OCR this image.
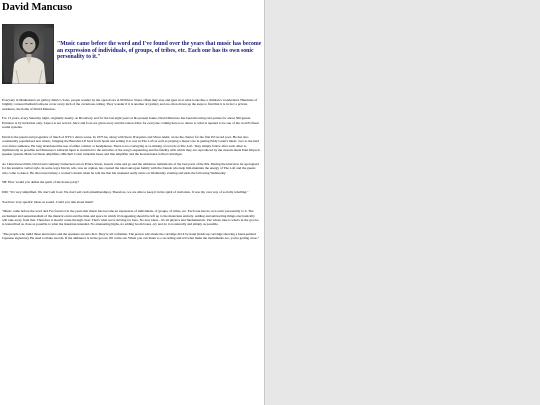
David Mancuso

"Music came before the word and I've found over the years that music has become an expression of individuals, of groups, of tribes, etc. Each one has its own sonic personality to it."

Everyday in Manhattan's art gallery district, Soho, people wander by the open doors at 99 Prince Street. Often they stop and gaze in at what looks like a children's wonderland. Hundreds of brightly coloured helium balloons cover every inch of the cavernous ceiling. They wonder if it is another art gallery and are often drawn up the steps to find that it is in fact a private residence, the home of David Mancuso.

For 13 years, every Saturday night, originally nearby on Broadway and for the last eight years at his present home, David Mancuso has been throwing rent parties for about 500 guests. Entrance is by invitation only. Liquor is not served. Juice and food are given away and the raison d'être for everyone coming here is to dance to what is reputed to be one of the world's finest sound systems.

David is the parent and progenitor of much of NYC's dance scene. In 1975 he, along with Steve D'Aquisto and Vince Aletti, wrote the charter for the first DJ record pool. He has also consistently popularised new music, bringing the Barrabas LP back from Spain and selling it at cost in The Loft as well as playing a major role in getting Eddy Grant's music over to the hard core dance audience. He long abandoned the use of either a mixer or headphones. There is no overlaying or re-mixing of records at The Loft. They simply follow after each other as rhythmically as possible and Mancuso's editorial input is restricted to the narrative of the song's sequencing and the fidelity with which they are reproduced by the custom-made Paul Klipsch speaker system, Mark Levinson amplifiers, Mitchell Cotter turntable bases and line amplifier and the Koestu hand-crafted cartridges.

As I interviewed him, David and company barbecued out on Prince Street. Guests come and go and the ambience reminds me of the best parts of the 60s. During the interview he apologised for his tentative verbal style. In some ways David, who was an orphan, has created the ideal surrogate family with the friends who help him maintain the energy of The Loft and the guests who come to dance. He discovered many a worker's dream when he told me that his weekend really starts on Wednesday evening and ends the following Wednesday.

SH: How would you define the spirit of the house party?

DM: "It's very simplified. We don't sell food. We don't sell cards (memberships). Therefore, we are able to keep it in the spirit of invitation. It was my own way of socially rebelling."

You have very specific ideas on sound. Could you talk about them?

"Music came before the word and I've found over the years that music has become an expression of individuals, of groups, of tribes, etc. Each one has its own sonic personality to it. The excitement and sensationalism of the musical event and the time and space in which it's happening should be left up to the musicians entirely. Adding and subtracting things electronically will take away from that. Therefore it doesn't come through clear. That's what we're striving for here. No new ideas - it's all physics and fundamentals. The whole idea is what's in the groove is transcribed as close as possible to what the musician intended. No attenuating highs, no adding boom boxes -try and do it as naturally and simply as possible.

"The people who build these electronics and the speakers are into that. They're all craftsmen. The person who made the cartridge did it by hand (holds up cartridge showing a hand-painted Japanese signature). He used to make swords. If the ambience is in the groove it'll come out. When you can listen to a recording and tell what make the instruments are, you're getting close."
